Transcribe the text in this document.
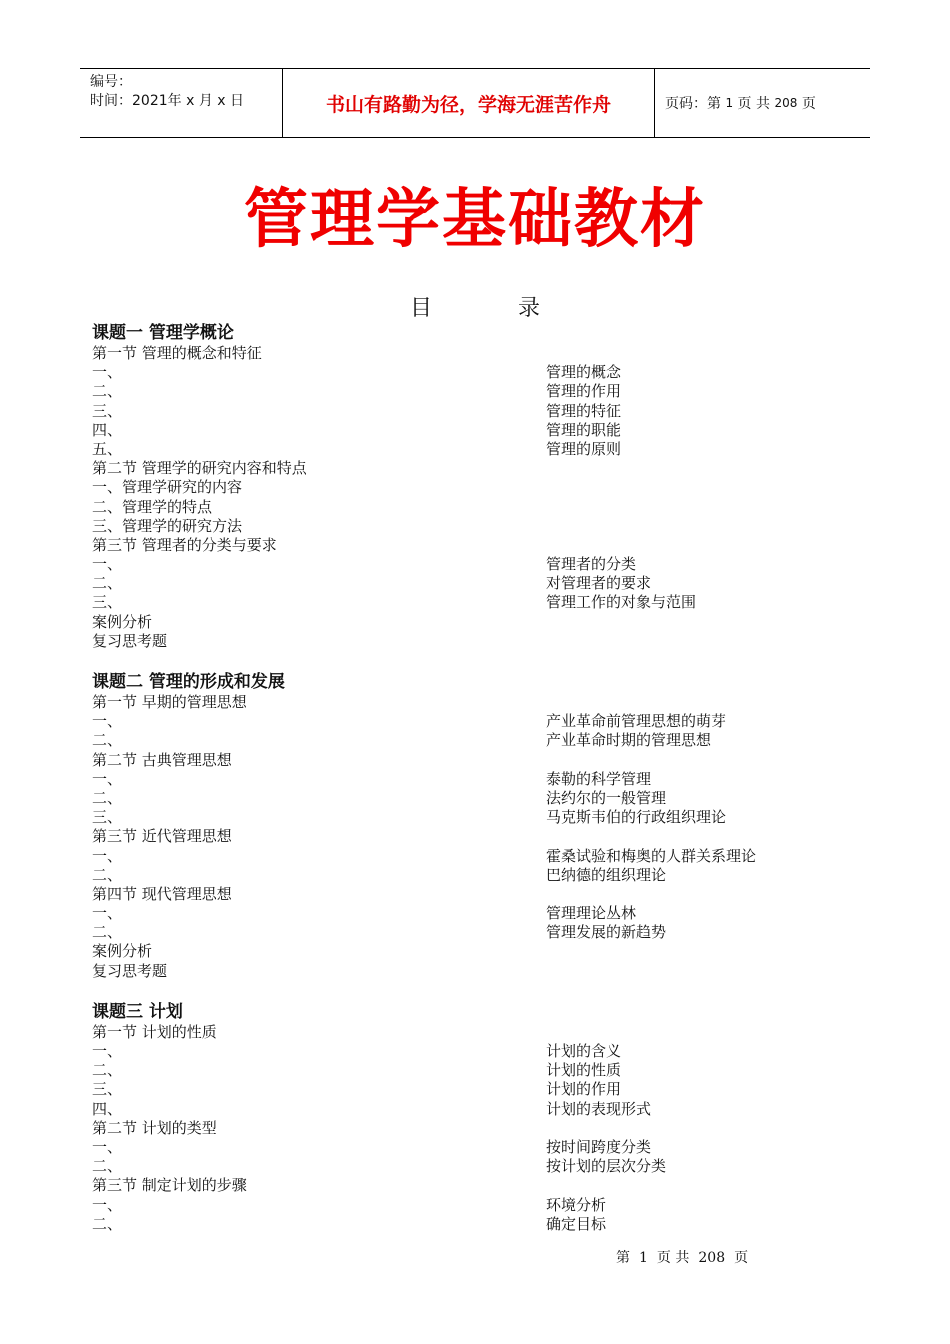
编号：
时间：2021年 x 月 x 日	书山有路勤为径，学海无涯苦作舟	页码：第
1
页 共
208
页
管理学基础教材
目	录
课题一 管理学概论
第一节 管理的概念和特征
一、	管理的概念
二、	管理的作用
三、	管理的特征
四、	管理的职能
五、	管理的原则
第二节 管理学的研究内容和特点
一、管理学研究的内容
二、管理学的特点
三、管理学的研究方法
第三节 管理者的分类与要求
一、	管理者的分类
二、	对管理者的要求
三、	管理工作的对象与范围
案例分析
复习思考题
课题二 管理的形成和发展
第一节 早期的管理思想
一、	产业革命前管理思想的萌芽
二、	产业革命时期的管理思想
第二节 古典管理思想
一、	泰勒的科学管理
二、	法约尔的一般管理
三、	马克斯韦伯的行政组织理论
第三节 近代管理思想
一、	霍桑试验和梅奥的人群关系理论
二、	巴纳德的组织理论
第四节 现代管理思想
一、	管理理论丛林
二、	管理发展的新趋势
案例分析
复习思考题
课题三 计划
第一节 计划的性质
一、	计划的含义
二、	计划的性质
三、	计划的作用
四、	计划的表现形式
第二节 计划的类型
一、	按时间跨度分类
二、	按计划的层次分类
第三节 制定计划的步骤
一、	环境分析
二、	确定目标
第 1 页 共 208 页
